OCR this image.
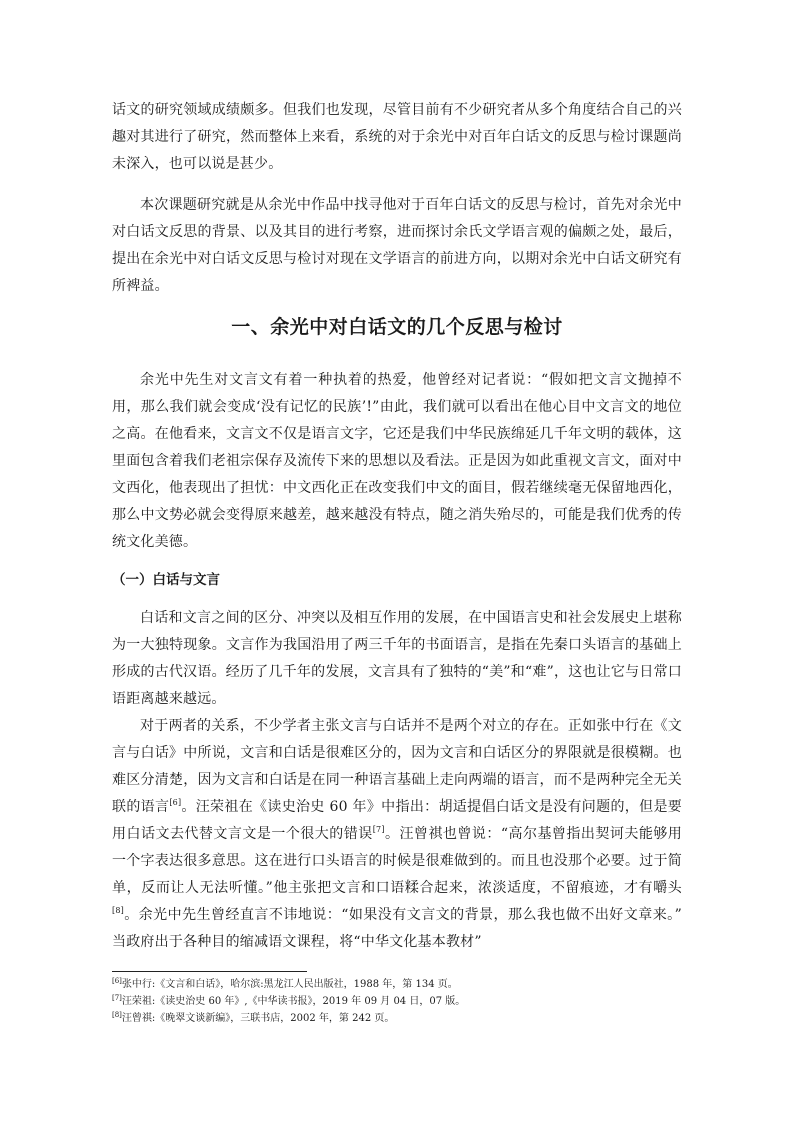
话文的研究领域成绩颇多。但我们也发现，尽管目前有不少研究者从多个角度结合自己的兴趣对其进行了研究，然而整体上来看，系统的对于余光中对百年白话文的反思与检讨课题尚未深入，也可以说是甚少。

本次课题研究就是从余光中作品中找寻他对于百年白话文的反思与检讨，首先对余光中对白话文反思的背景、以及其目的进行考察，进而探讨余氏文学语言观的偏颇之处，最后，提出在余光中对白话文反思与检讨对现在文学语言的前进方向，以期对余光中白话文研究有所裨益。

一、余光中对白话文的几个反思与检讨

余光中先生对文言文有着一种执着的热爱，他曾经对记者说：“假如把文言文抛掉不用，那么我们就会变成‘没有记忆的民族’!”由此，我们就可以看出在他心目中文言文的地位之高。在他看来，文言文不仅是语言文字，它还是我们中华民族绵延几千年文明的载体，这里面包含着我们老祖宗保存及流传下来的思想以及看法。正是因为如此重视文言文，面对中文西化，他表现出了担忧：中文西化正在改变我们中文的面目，假若继续毫无保留地西化，那么中文势必就会变得原来越差，越来越没有特点，随之消失殆尽的，可能是我们优秀的传统文化美德。

（一）白话与文言

白话和文言之间的区分、冲突以及相互作用的发展，在中国语言史和社会发展史上堪称为一大独特现象。文言作为我国沿用了两三千年的书面语言，是指在先秦口头语言的基础上形成的古代汉语。经历了几千年的发展，文言具有了独特的“美”和“难”，这也让它与日常口语距离越来越远。

对于两者的关系，不少学者主张文言与白话并不是两个对立的存在。正如张中行在《文言与白话》中所说，文言和白话是很难区分的，因为文言和白话区分的界限就是很模糊。也难区分清楚，因为文言和白话是在同一种语言基础上走向两端的语言，而不是两种完全无关联的语言[6]。汪荣祖在《读史治史 60 年》中指出：胡适提倡白话文是没有问题的，但是要用白话文去代替文言文是一个很大的错误[7]。汪曾祺也曾说：“高尔基曾指出契诃夫能够用一个字表达很多意思。这在进行口头语言的时候是很难做到的。而且也没那个必要。过于简单，反而让人无法听懂。”他主张把文言和口语糅合起来，浓淡适度，不留痕迹，才有嚼头[8]。余光中先生曾经直言不讳地说：“如果没有文言文的背景，那么我也做不出好文章来。” 当政府出于各种目的缩减语文课程，将“中华文化基本教材”

[6]张中行:《文言和白话》，哈尔滨:黑龙江人民出版社，1988 年，第 134 页。
[7]汪荣祖:《读史治史 60 年》,《中华读书报》，2019 年 09 月 04 日，07 版。
[8]汪曾祺:《晚翠文谈新编》，三联书店，2002 年，第 242 页。
